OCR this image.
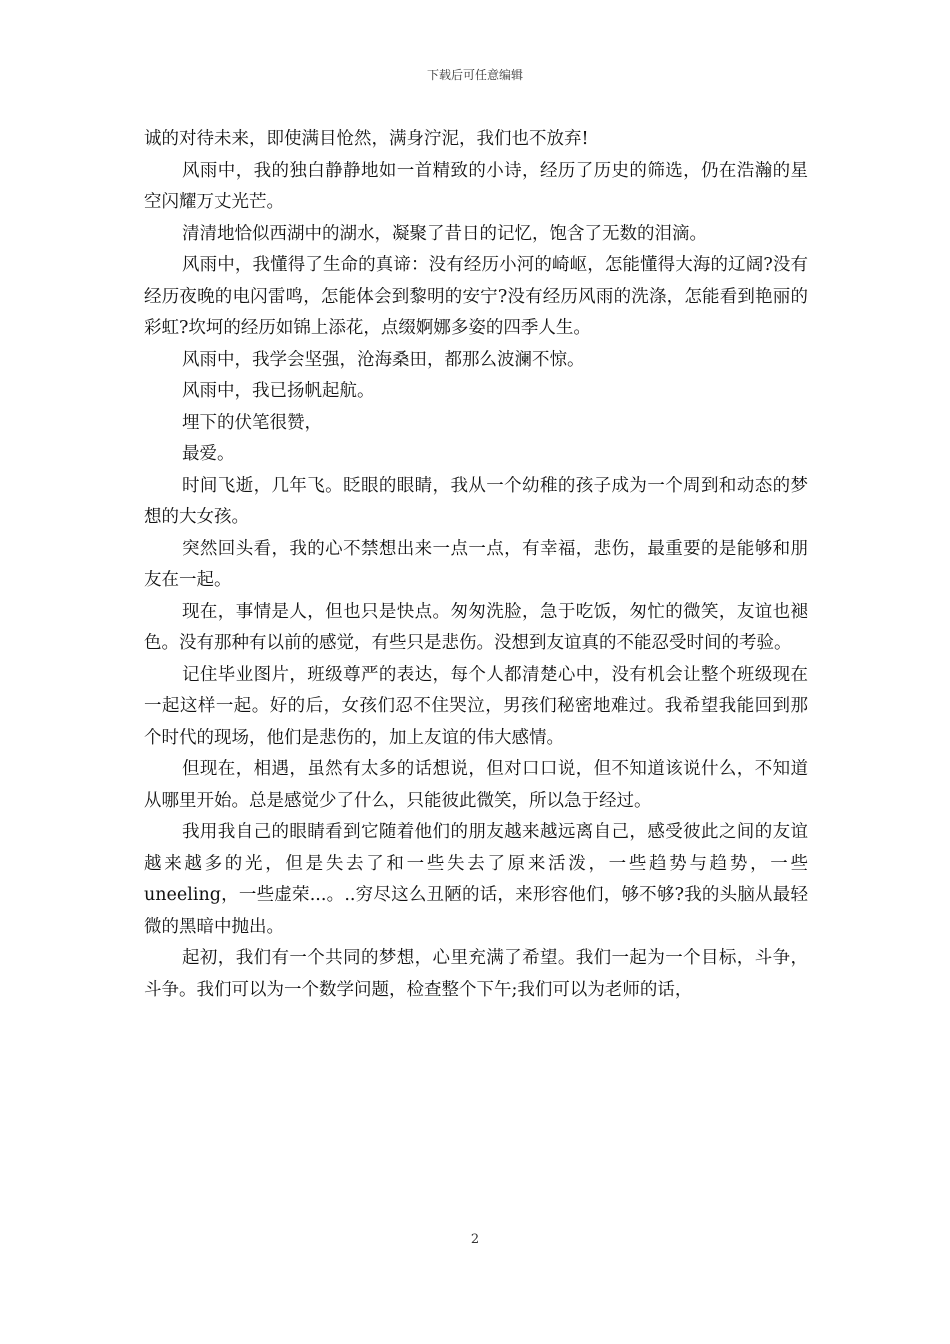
下载后可任意编辑

诚的对待未来，即使满目怆然，满身泞泥，我们也不放弃!

风雨中，我的独白静静地如一首精致的小诗，经历了历史的筛选，仍在浩瀚的星空闪耀万丈光芒。

清清地恰似西湖中的湖水，凝聚了昔日的记忆，饱含了无数的泪滴。

风雨中，我懂得了生命的真谛：没有经历小河的崎岖，怎能懂得大海的辽阔?没有经历夜晚的电闪雷鸣，怎能体会到黎明的安宁?没有经历风雨的洗涤，怎能看到艳丽的彩虹?坎坷的经历如锦上添花，点缀婀娜多姿的四季人生。

风雨中，我学会坚强，沧海桑田，都那么波澜不惊。

风雨中，我已扬帆起航。

埋下的伏笔很赞，

最爱。

时间飞逝，几年飞。眨眼的眼睛，我从一个幼稚的孩子成为一个周到和动态的梦想的大女孩。

突然回头看，我的心不禁想出来一点一点，有幸福，悲伤，最重要的是能够和朋友在一起。

现在，事情是人，但也只是快点。匆匆洗脸，急于吃饭，匆忙的微笑，友谊也褪色。没有那种有以前的感觉，有些只是悲伤。没想到友谊真的不能忍受时间的考验。

记住毕业图片，班级尊严的表达，每个人都清楚心中，没有机会让整个班级现在一起这样一起。好的后，女孩们忍不住哭泣，男孩们秘密地难过。我希望我能回到那个时代的现场，他们是悲伤的，加上友谊的伟大感情。

但现在，相遇，虽然有太多的话想说，但对口口说，但不知道该说什么，不知道从哪里开始。总是感觉少了什么，只能彼此微笑，所以急于经过。

我用我自己的眼睛看到它随着他们的朋友越来越远离自己，感受彼此之间的友谊越来越多的光，但是失去了和一些失去了原来活泼，一些趋势与趋势，一些uneeling，一些虚荣...。..穷尽这么丑陋的话，来形容他们，够不够?我的头脑从最轻微的黑暗中抛出。

起初，我们有一个共同的梦想，心里充满了希望。我们一起为一个目标，斗争，斗争。我们可以为一个数学问题，检查整个下午;我们可以为老师的话，

2
